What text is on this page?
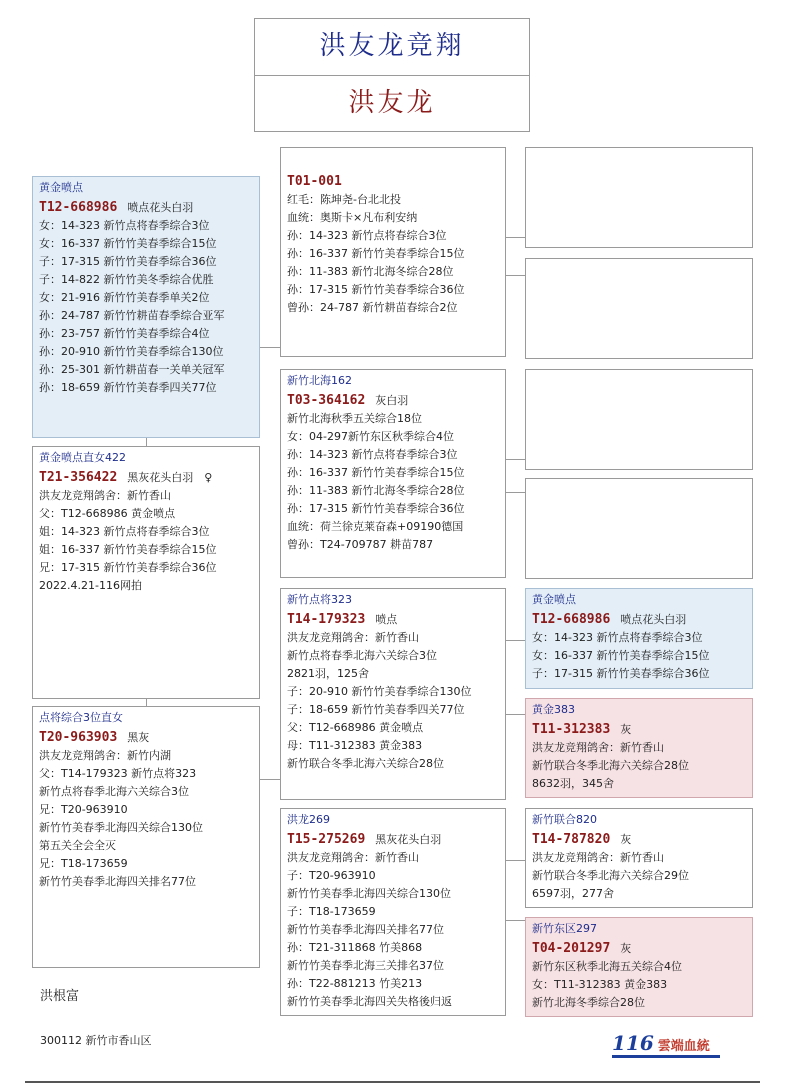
洪友龙竞翔
洪友龙
黄金喷点
T12-668986 喷点花头白羽
女：14-323 新竹点将春季综合3位
女：16-337 新竹竹美春季综合15位
子：17-315 新竹竹美春季综合36位
子：14-822 新竹竹美冬季综合优胜
女：21-916 新竹竹美春季单关2位
孙：24-787 新竹竹耕苗春季综合亚军
孙：23-757 新竹竹美春季综合4位
孙：20-910 新竹竹美春季综合130位
孙：25-301 新竹耕苗春一关单关冠军
孙：18-659 新竹竹美春季四关77位
黄金喷点直女422
T21-356422 黑灰花头白羽　♀
洪友龙竞翔鸽舍：新竹香山
父：T12-668986 黄金喷点
姐：14-323 新竹点将春季综合3位
姐：16-337 新竹竹美春季综合15位
兄：17-315 新竹竹美春季综合36位
2022.4.21-116网拍
点将综合3位直女
T20-963903 黑灰
洪友龙竞翔鸽舍：新竹内湖
父：T14-179323 新竹点将323
新竹点将春季北海六关综合3位
兄：T20-963910
新竹竹美春季北海四关综合130位
第五关全会全灭
兄：T18-173659
新竹竹美春季北海四关排名77位
T01-001
红毛：陈坤尧-台北北投
血统：奥斯卡×凡布利安纳
孙：14-323 新竹点将春综合3位
孙：16-337 新竹竹美春季综合15位
孙：11-383 新竹北海冬综合28位
孙：17-315 新竹竹美春季综合36位
曾孙：24-787 新竹耕苗春综合2位
新竹北海162
T03-364162 灰白羽
新竹北海秋季五关综合18位
女：04-297新竹东区秋季综合4位
孙：14-323 新竹点将春季综合3位
孙：16-337 新竹竹美春季综合15位
孙：11-383 新竹北海冬季综合28位
孙：17-315 新竹竹美春季综合36位
血统：荷兰徐克莱奋森+09190德国
曾孙：T24-709787 耕苗787
新竹点将323
T14-179323 喷点
洪友龙竞翔鸽舍：新竹香山
新竹点将春季北海六关综合3位
2821羽，125舍
子：20-910 新竹竹美春季综合130位
子：18-659 新竹竹美春季四关77位
父：T12-668986 黄金喷点
母：T11-312383 黄金383
新竹联合冬季北海六关综合28位
洪龙269
T15-275269 黑灰花头白羽
洪友龙竞翔鸽舍：新竹香山
子：T20-963910
新竹竹美春季北海四关综合130位
子：T18-173659
新竹竹美春季北海四关排名77位
孙：T21-311868 竹美868
新竹竹美春季北海三关排名37位
孙：T22-881213 竹美213
新竹竹美春季北海四关失格後归返
黄金喷点
T12-668986 喷点花头白羽
女：14-323 新竹点将春季综合3位
女：16-337 新竹竹美春季综合15位
子：17-315 新竹竹美春季综合36位
黄金383
T11-312383 灰
洪友龙竞翔鸽舍：新竹香山
新竹联合冬季北海六关综合28位
8632羽，345舍
新竹联合820
T14-787820 灰
洪友龙竞翔鸽舍：新竹香山
新竹联合冬季北海六关综合29位
6597羽，277舍
新竹东区297
T04-201297 灰
新竹东区秋季北海五关综合4位
女：T11-312383 黄金383
新竹北海冬季综合28位
洪根富
300112 新竹市香山区	116 雲端血統
